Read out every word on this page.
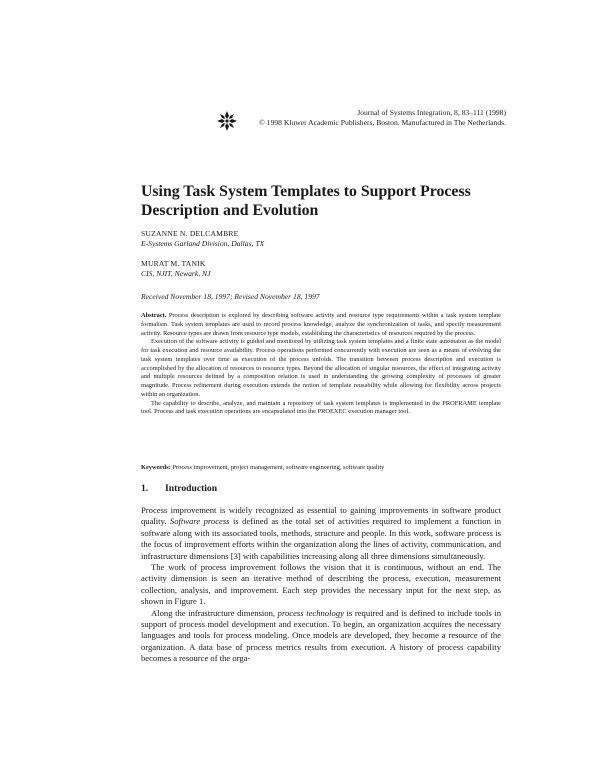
Journal of Systems Integration, 8, 83–111 (1998)
© 1998 Kluwer Academic Publishers, Boston. Manufactured in The Netherlands.
Using Task System Templates to Support Process Description and Evolution
SUZANNE N. DELCAMBRE
E-Systems Garland Division, Dallas, TX
MURAT M. TANIK
CIS, NJIT, Newark, NJ
Received November 18, 1997; Revised November 18, 1997

Abstract. Process description is explored by describing software activity and resource type requirements within a task system template formalism. Task system templates are used to record process knowledge, analyze the synchronization of tasks, and specify measurement activity. Resource types are drawn from resource type models, establishing the characteristics of resources required by the process.

Execution of the software activity is guided and monitored by utilizing task system templates and a finite state automaton as the model for task execution and resource availability. Process operations performed concurrently with execution are seen as a means of evolving the task system templates over time as execution of the process unfolds. The transition between process description and execution is accomplished by the allocation of resources to resource types. Beyond the allocation of singular resources, the effect of integrating activity and multiple resources defined by a composition relation is used in understanding the growing complexity of processes of greater magnitude. Process refinement during execution extends the notion of template reusability while allowing for flexibility across projects within an organization.

The capability to describe, analyze, and maintain a repository of task system templates is implemented in the PROFRAME template tool. Process and task execution operations are encapsulated into the PROEXEC execution manager tool.

Keywords: Process improvement, project management, software engineering, software quality
1. Introduction

Process improvement is widely recognized as essential to gaining improvements in software product quality. Software process is defined as the total set of activities required to implement a function in software along with its associated tools, methods, structure and people. In this work, software process is the focus of improvement efforts within the organization along the lines of activity, communication, and infrastructure dimensions [3] with capabilities increasing along all three dimensions simultaneously.

The work of process improvement follows the vision that it is continuous, without an end. The activity dimension is seen an iterative method of describing the process, execution, measurement collection, analysis, and improvement. Each step provides the necessary input for the next step, as shown in Figure 1.

Along the infrastructure dimension, process technology is required and is defined to include tools in support of process model development and execution. To begin, an organization acquires the necessary languages and tools for process modeling. Once models are developed, they become a resource of the organization. A data base of process metrics results from execution. A history of process capability becomes a resource of the orga-
